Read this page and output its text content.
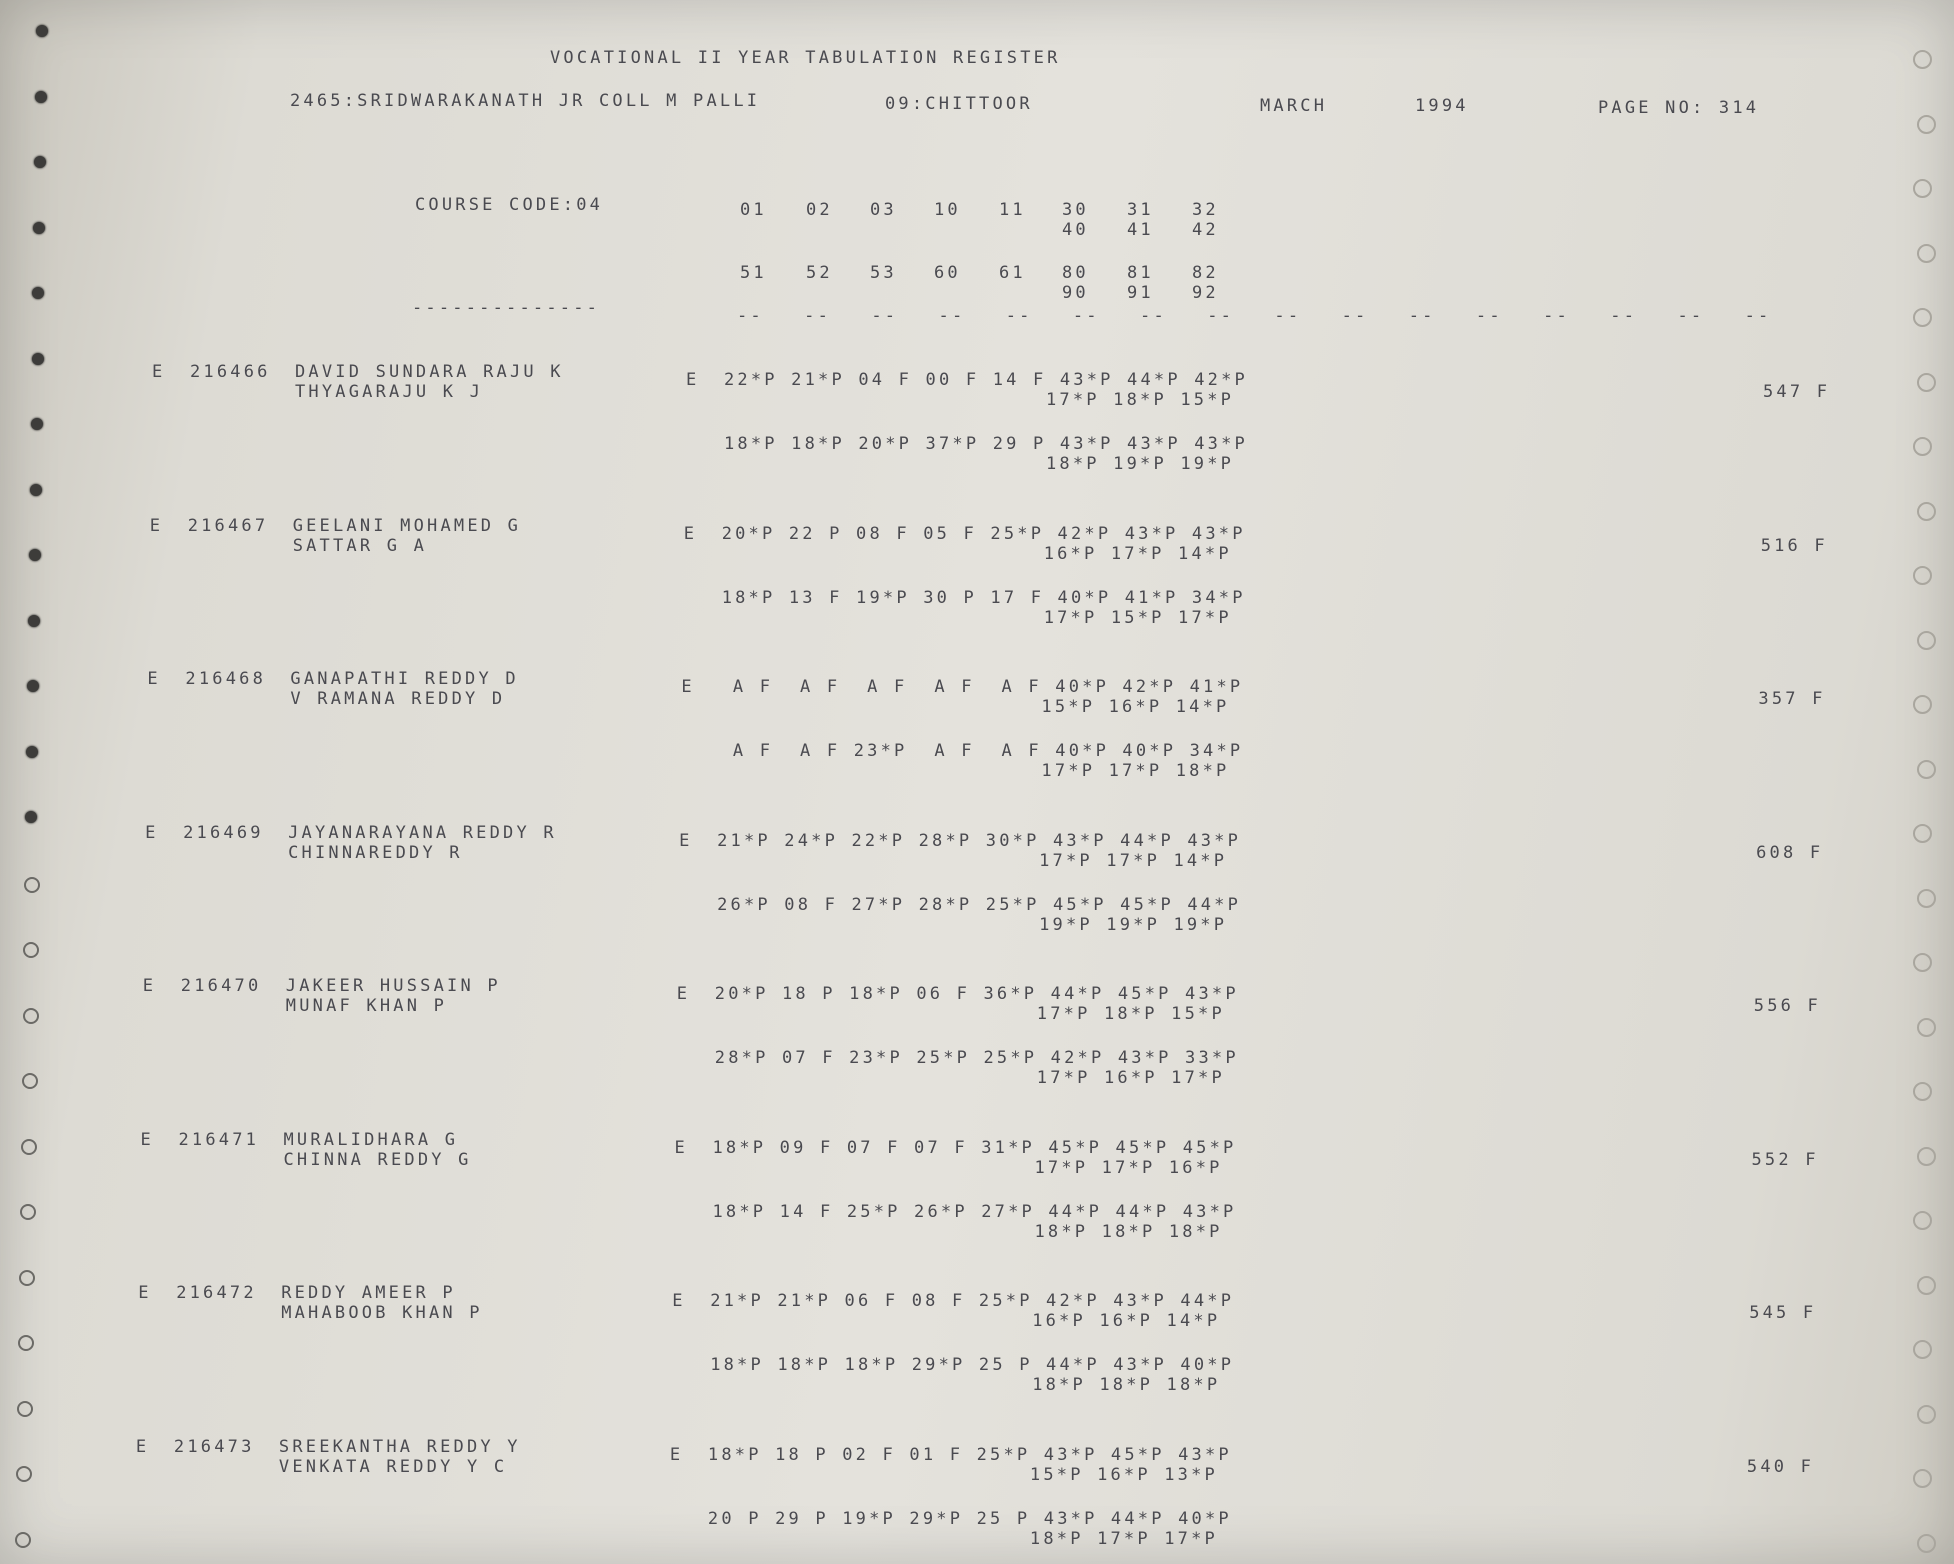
VOCATIONAL II YEAR TABULATION REGISTER
2465:SRIDWARAKANATH JR COLL M PALLI	09:CHITTOOR	MARCH	1994	PAGE NO: 314
COURSE CODE:04
--------------
01 02 03 10 11 30 31 32
40 41 42
51 52 53 60 61 80 81 82
90 91 92
--   --   --   --   --   --   --   --   --   --   --   --   --   --   --   --
E 216466 DAVID SUNDARA RAJU K
THYAGARAJU K J
E 22*P 21*P 04 F 00 F 14 F 43*P 44*P 42*P
17*P 18*P 15*P
18*P 18*P 20*P 37*P 29 P 43*P 43*P 43*P
18*P 19*P 19*P
547 F
E 216467 GEELANI MOHAMED G
SATTAR G A
E 20*P 22 P 08 F 05 F 25*P 42*P 43*P 43*P
16*P 17*P 14*P
18*P 13 F 19*P 30 P 17 F 40*P 41*P 34*P
17*P 15*P 17*P
516 F
E 216468 GANAPATHI REDDY D
V RAMANA REDDY D
E A F  A F  A F  A F  A F 40*P 42*P 41*P
15*P 16*P 14*P
A F  A F 23*P  A F  A F 40*P 40*P 34*P
17*P 17*P 18*P
357 F
E 216469 JAYANARAYANA REDDY R
CHINNAREDDY R
E 21*P 24*P 22*P 28*P 30*P 43*P 44*P 43*P
17*P 17*P 14*P
26*P 08 F 27*P 28*P 25*P 45*P 45*P 44*P
19*P 19*P 19*P
608 F
E 216470 JAKEER HUSSAIN P
MUNAF KHAN P
E 20*P 18 P 18*P 06 F 36*P 44*P 45*P 43*P
17*P 18*P 15*P
28*P 07 F 23*P 25*P 25*P 42*P 43*P 33*P
17*P 16*P 17*P
556 F
E 216471 MURALIDHARA G
CHINNA REDDY G
E 18*P 09 F 07 F 07 F 31*P 45*P 45*P 45*P
17*P 17*P 16*P
18*P 14 F 25*P 26*P 27*P 44*P 44*P 43*P
18*P 18*P 18*P
552 F
E 216472 REDDY AMEER P
MAHABOOB KHAN P
E 21*P 21*P 06 F 08 F 25*P 42*P 43*P 44*P
16*P 16*P 14*P
18*P 18*P 18*P 29*P 25 P 44*P 43*P 40*P
18*P 18*P 18*P
545 F
E 216473 SREEKANTHA REDDY Y
VENKATA REDDY Y C
E 18*P 18 P 02 F 01 F 25*P 43*P 45*P 43*P
15*P 16*P 13*P
20 P 29 P 19*P 29*P 25 P 43*P 44*P 40*P
18*P 17*P 17*P
540 F
